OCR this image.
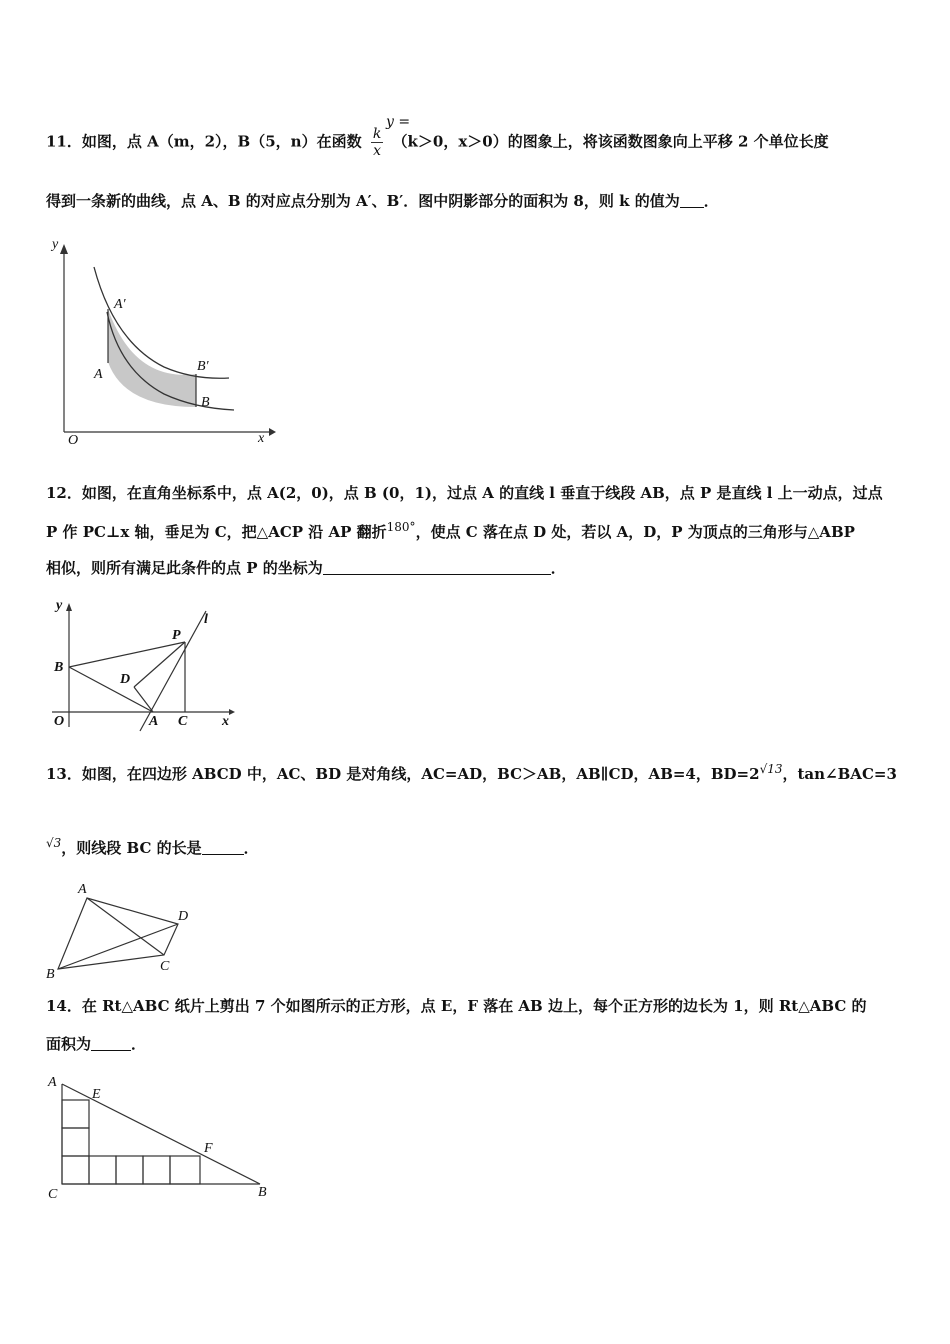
11．如图，点 A（m，2），B（5，n）在函数 $\frac{k}{x} (k>0$，x＞0）的图象上，将该函数图象向上平移 2 个单位长度
y =
得到一条新的曲线，点 A、B 的对应点分别为 A′、B′．图中阴影部分的面积为 8，则 k 的值为 ．
y
x
O
A′
A
B′
B
12．如图，在直角坐标系中，点 A(2，0)，点 B (0，1)，过点 A 的直线 l 垂直于线段 AB，点 P 是直线 l 上一动点，过点
P 作 PC⊥x 轴，垂足为 C，把△ACP 沿 AP 翻折$^{180^\circ}$，使点 C 落在点 D 处，若以 A，D，P 为顶点的三角形与△ABP
相似，则所有满足此条件的点 P 的坐标为	．
y
x
O
B
D
A C
P
l
13．如图，在四边形 ABCD 中，AC、BD 是对角线，AC=AD，BC＞AB，AB∥CD，AB=4，$BD=2^{√13}$，tan∠BAC=3
$^{√3}$，则线段 BC 的长是	．
A
B
C
D
14．在 Rt△ABC 纸片上剪出 7 个如图所示的正方形，点 E，F 落在 AB 边上，每个正方形的边长为 1，则 Rt△ABC 的
面积为	．
A
E
F
C	B
